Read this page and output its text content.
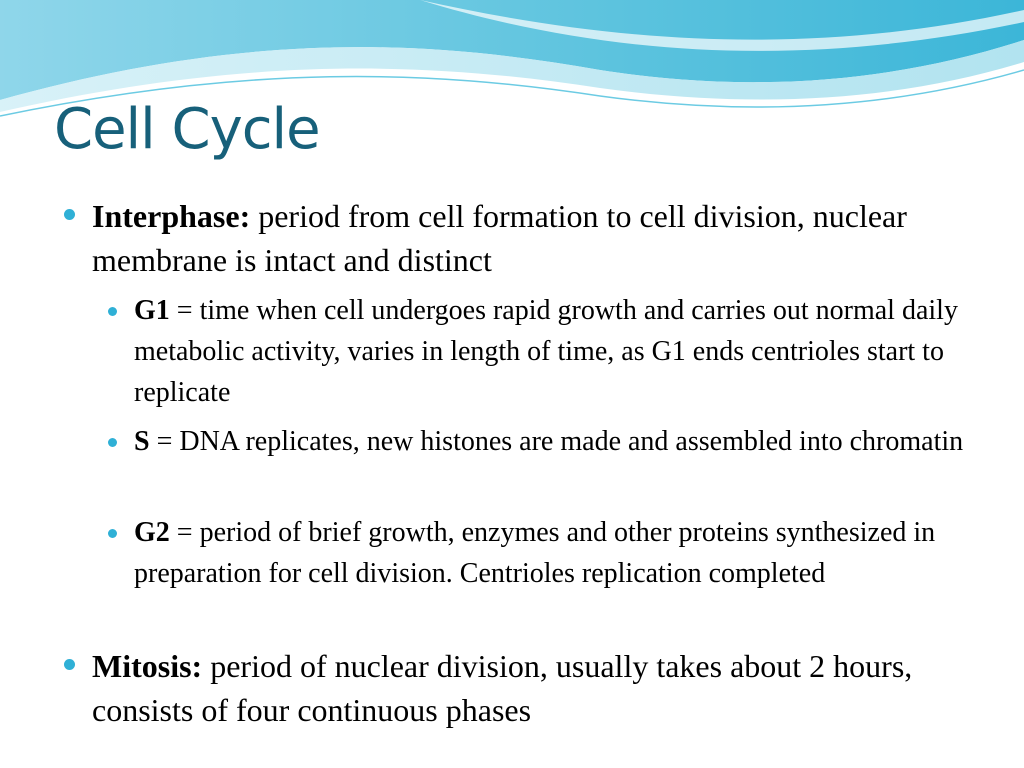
Cell Cycle

Interphase: period from cell formation to cell division, nuclear membrane is intact and distinct

G1 = time when cell undergoes rapid growth and carries out normal daily metabolic activity, varies in length of time, as G1 ends centrioles start to replicate

S = DNA replicates, new histones are made and assembled into chromatin

G2 = period of brief growth, enzymes and other proteins synthesized in preparation for cell division. Centrioles replication completed

Mitosis: period of nuclear division, usually takes about 2 hours, consists of four continuous phases
